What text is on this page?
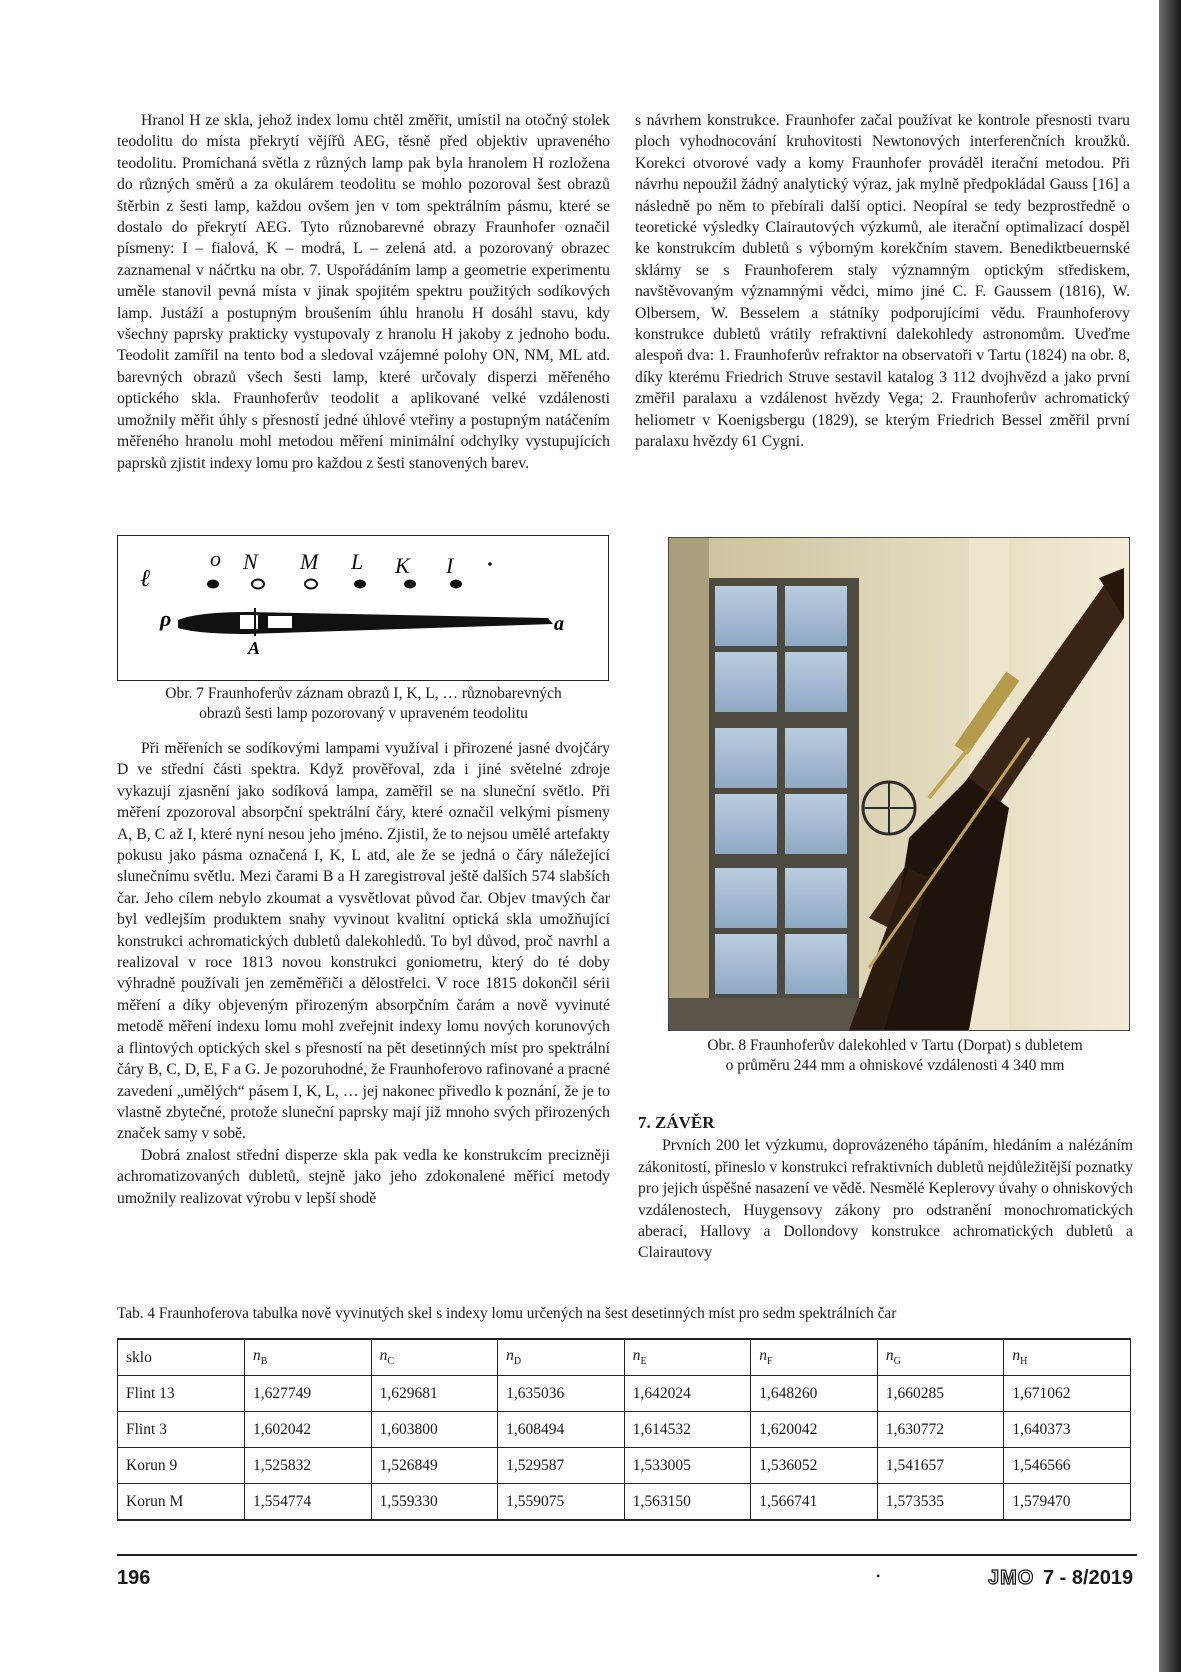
Hranol H ze skla, jehož index lomu chtěl změřit, umístil na otočný stolek teodolitu do místa překrytí vějířů AEG, těsně před objektiv upraveného teodolitu. Promíchaná světla z různých lamp pak byla hranolem H rozložena do různých směrů a za okulárem teodolitu se mohlo pozoroval šest obrazů štěrbin z šesti lamp, každou ovšem jen v tom spektrálním pásmu, které se dostalo do překrytí AEG. Tyto různobarevné obrazy Fraunhofer označil písmeny: I – fialová, K – modrá, L – zelená atd. a pozorovaný obrazec zaznamenal v náčrtku na obr. 7. Uspořádáním lamp a geometrie experimentu uměle stanovil pevná místa v jinak spojitém spektru použitých sodíkových lamp. Justáží a postupným broušením úhlu hranolu H dosáhl stavu, kdy všechny paprsky prakticky vystupovaly z hranolu H jakoby z jednoho bodu. Teodolit zamířil na tento bod a sledoval vzájemné polohy ON, NM, ML atd. barevných obrazů všech šesti lamp, které určovaly disperzi měřeného optického skla. Fraunhoferův teodolit a aplikované velké vzdálenosti umožnily měřit úhly s přesností jedné úhlové vteřiny a postupným natáčením měřeného hranolu mohl metodou měření minimální odchylky vystupujících paprsků zjistit indexy lomu pro každou z šesti stanovených barev.

s návrhem konstrukce. Fraunhofer začal používat ke kontrole přesnosti tvaru ploch vyhodnocování kruhovitosti Newtonových interferenčních kroužků. Korekci otvorové vady a komy Fraunhofer prováděl iterační metodou. Při návrhu nepoužil žádný analytický výraz, jak mylně předpokládal Gauss [16] a následně po něm to přebírali další optici. Neopíral se tedy bezprostředně o teoretické výsledky Clairautových výzkumů, ale iterační optimalizací dospěl ke konstrukcím dubletů s výborným korekčním stavem. Benediktbeuernské sklárny se s Fraunhoferem staly významným optickým střediskem, navštěvovaným významnými vědci, mimo jiné C. F. Gaussem (1816), W. Olbersem, W. Besselem a státníky podporujícími vědu. Fraunhoferovy konstrukce dubletů vrátily refraktivní dalekohledy astronomům. Uveďme alespoň dva: 1. Fraunhoferův refraktor na observatoři v Tartu (1824) na obr. 8, díky kterému Friedrich Struve sestavil katalog 3 112 dvojhvězd a jako první změřil paralaxu a vzdálenost hvězdy Vega; 2. Fraunhoferův achromatický heliometr v Koenigsbergu (1829), se kterým Friedrich Bessel změřil první paralaxu hvězdy 61 Cygni.

ℓ
o N M L K I
ρ	a
A
Obr. 7 Fraunhoferův záznam obrazů I, K, L, … různobarevných
obrazů šesti lamp pozorovaný v upraveném teodolitu

Při měřeních se sodíkovými lampami využíval i přirozené jasné dvojčáry D ve střední části spektra. Když prověřoval, zda i jiné světelné zdroje vykazují zjasnění jako sodíková lampa, zaměřil se na sluneční světlo. Při měření zpozoroval absorpční spektrální čáry, které označil velkými písmeny A, B, C až I, které nyní nesou jeho jméno. Zjistil, že to nejsou umělé artefakty pokusu jako pásma označená I, K, L atd, ale že se jedná o čáry náležející slunečnímu světlu. Mezi čarami B a H zaregistroval ještě dalších 574 slabších čar. Jeho cílem nebylo zkoumat a vysvětlovat původ čar. Objev tmavých čar byl vedlejším produktem snahy vyvinout kvalitní optická skla umožňující konstrukci achromatických dubletů dalekohledů. To byl důvod, proč navrhl a realizoval v roce 1813 novou konstrukci goniometru, který do té doby výhradně používali jen zeměměřiči a dělostřelci. V roce 1815 dokončil sérii měření a díky objeveným přirozeným absorpčním čarám a nově vyvinuté metodě měření indexu lomu mohl zveřejnit indexy lomu nových korunových a flintových optických skel s přesností na pět desetinných míst pro spektrální čáry B, C, D, E, F a G. Je pozoruhodné, že Fraunhoferovo rafinované a pracné zavedení „umělých“ pásem I, K, L, … jej nakonec přivedlo k poznání, že je to vlastně zbytečné, protože sluneční paprsky mají již mnoho svých přirozených značek samy v sobě.

Dobrá znalost střední disperze skla pak vedla ke konstrukcím precizněji achromatizovaných dubletů, stejně jako jeho zdokonalené měřicí metody umožnily realizovat výrobu v lepší shodě

Obr. 8 Fraunhoferův dalekohled v Tartu (Dorpat) s dubletem
o průměru 244 mm a ohniskové vzdálenosti 4 340 mm
7. ZÁVĚR

Prvních 200 let výzkumu, doprovázeného tápáním, hledáním a nalézáním zákonitostí, přineslo v konstrukci refraktivních dubletů nejdůležitější poznatky pro jejich úspěšné nasazení ve vědě. Nesmělé Keplerovy úvahy o ohniskových vzdálenostech, Huygensovy zákony pro odstranění monochromatických aberací, Hallovy a Dollondovy konstrukce achromatických dubletů a Clairautovy

Tab. 4 Fraunhoferova tabulka nově vyvinutých skel s indexy lomu určených na šest desetinných míst pro sedm spektrálních čar
sklo	$n_B$	$n_C$	$n_D$	$n_E$	$n_F$	$n_G$	$n_H$
Flint 13	1,627749	1,629681	1,635036	1,642024	1,648260	1,660285	1,671062
Flint 3	1,602042	1,603800	1,608494	1,614532	1,620042	1,630772	1,640373
Korun 9	1,525832	1,526849	1,529587	1,533005	1,536052	1,541657	1,546566
Korun M	1,554774	1,559330	1,559075	1,563150	1,566741	1,573535	1,579470
196	•	JMO 7 - 8/2019
